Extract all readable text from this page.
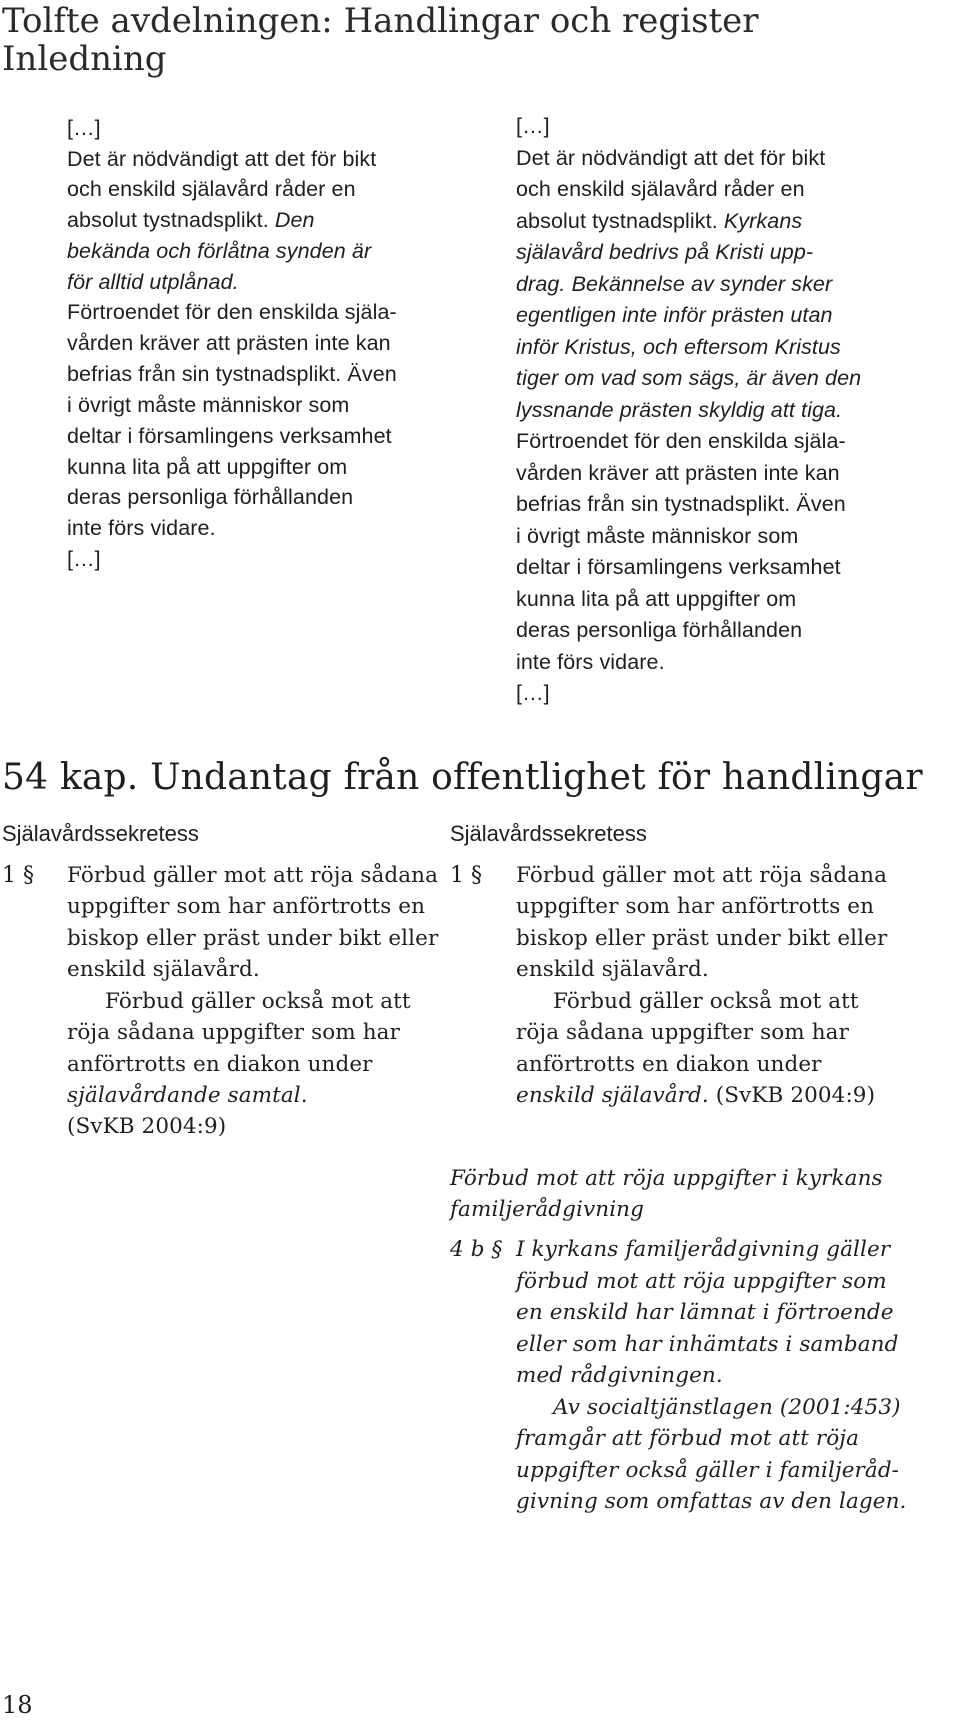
Tolfte avdelningen: Handlingar och register
Inledning

[…]

Det är nödvändigt att det för bikt

och enskild själavård råder en

absolut tystnadsplikt. Den

bekända och förlåtna synden är

för alltid utplånad.

Förtroendet för den enskilda själa-

vården kräver att prästen inte kan

befrias från sin tystnadsplikt. Även

i övrigt måste människor som

deltar i församlingens verksamhet

kunna lita på att uppgifter om

deras personliga förhållanden

inte förs vidare.

[…]

[…]

Det är nödvändigt att det för bikt

och enskild själavård råder en

absolut tystnadsplikt. Kyrkans

själavård bedrivs på Kristi upp-

drag. Bekännelse av synder sker

egentligen inte inför prästen utan

inför Kristus, och eftersom Kristus

tiger om vad som sägs, är även den

lyssnande prästen skyldig att tiga.

Förtroendet för den enskilda själa-

vården kräver att prästen inte kan

befrias från sin tystnadsplikt. Även

i övrigt måste människor som

deltar i församlingens verksamhet

kunna lita på att uppgifter om

deras personliga förhållanden

inte förs vidare.

[…]

54 kap. Undantag från offentlighet för handlingar
Själavårdssekretess
1 § Förbud gäller mot att röja sådana

uppgifter som har anförtrotts en

biskop eller präst under bikt eller

enskild själavård.

Förbud gäller också mot att

röja sådana uppgifter som har

anförtrotts en diakon under

själavårdande samtal.

(SvKB 2004:9)

Själavårdssekretess
1 § Förbud gäller mot att röja sådana

uppgifter som har anförtrotts en

biskop eller präst under bikt eller

enskild själavård.

Förbud gäller också mot att

röja sådana uppgifter som har

anförtrotts en diakon under

enskild själavård. (SvKB 2004:9)

Förbud mot att röja uppgifter i kyrkans

familjerådgivning

4 b § I kyrkans familjerådgivning gäller

förbud mot att röja uppgifter som

en enskild har lämnat i förtroende

eller som har inhämtats i samband

med rådgivningen.

Av socialtjänstlagen (2001:453)

framgår att förbud mot att röja

uppgifter också gäller i familjeråd-

givning som omfattas av den lagen.

18
